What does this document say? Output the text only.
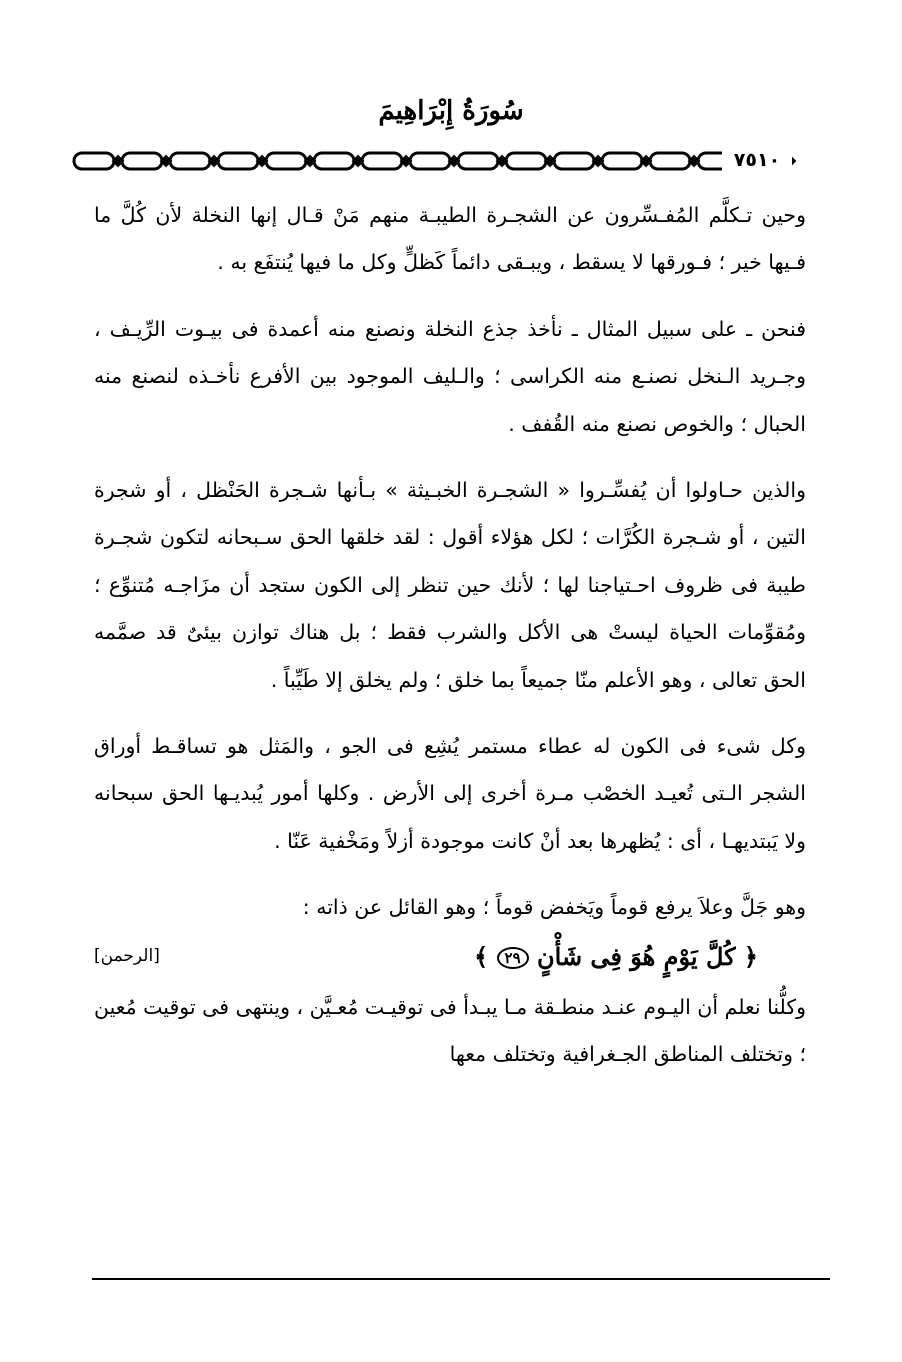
سُورَةُ إِبْرَاهِيمَ
٧٥١٠

وحين تـكلَّم المُفـسِّرون عن الشجـرة الطيبـة منهم مَنْ قـال إنها النخلة لأن كُلَّ ما فـيها خير ؛ فـورقها لا يسقط ، ويبـقى دائماً كَظلٍّ وكل ما فيها يُنتفَع به .

فنحن ـ على سبيل المثال ـ نأخذ جذع النخلة ونصنع منه أعمدة فى بيـوت الرِّيـف ، وجـريد الـنخل نصنـع منه الكراسى ؛ والـليف الموجود بين الأفرع نأخـذه لنصنع منه الحبال ؛ والخوص نصنع منه القُفف .

والذين حـاولوا أن يُفسِّـروا « الشجـرة الخبـيثة » بـأنها شـجرة الحَنْظل ، أو شجرة التين ، أو شـجرة الكُرَّات ؛ لكل هؤلاء أقول : لقد خلقها الحق سـبحانه لتكون شجـرة طيبة فى ظروف احـتياجنا لها ؛ لأنك حين تنظر إلى الكون ستجد أن مزَاجـه مُتنوِّع ؛ ومُقوِّمات الحياة ليستْ هى الأكل والشرب فقط ؛ بل هناك توازن بيئىٌ قد صمَّمه الحق تعالى ، وهو الأعلم منّا جميعاً بما خلق ؛ ولم يخلق إلا طَيِّباً .

وكل شىء فى الكون له عطاء مستمر يُشِع فى الجو ، والمَثل هو تساقـط أوراق الشجر الـتى تُعيـد الخصْب مـرة أخرى إلى الأرض . وكلها أمور يُبديـها الحق سبحانه ولا يَبتديهـا ، أى : يُظهرها بعد أنْ كانت موجودة أزلاً ومَخْفية عَنّا .

وهو جَلَّ وعلاَ يرفع قوماً ويَخفض قوماً ؛ وهو القائل عن ذاته :

﴿ كُلَّ يَوْمٍ هُوَ فِى شَأْنٍ ٢٩ ﴾
[الرحمن]

وكلُّنا نعلم أن اليـوم عنـد منطـقة مـا يبـدأ فى توقيـت مُعـيَّن ، وينتهى فى توقيت مُعين ؛ وتختلف المناطق الجـغرافية وتختلف معها
